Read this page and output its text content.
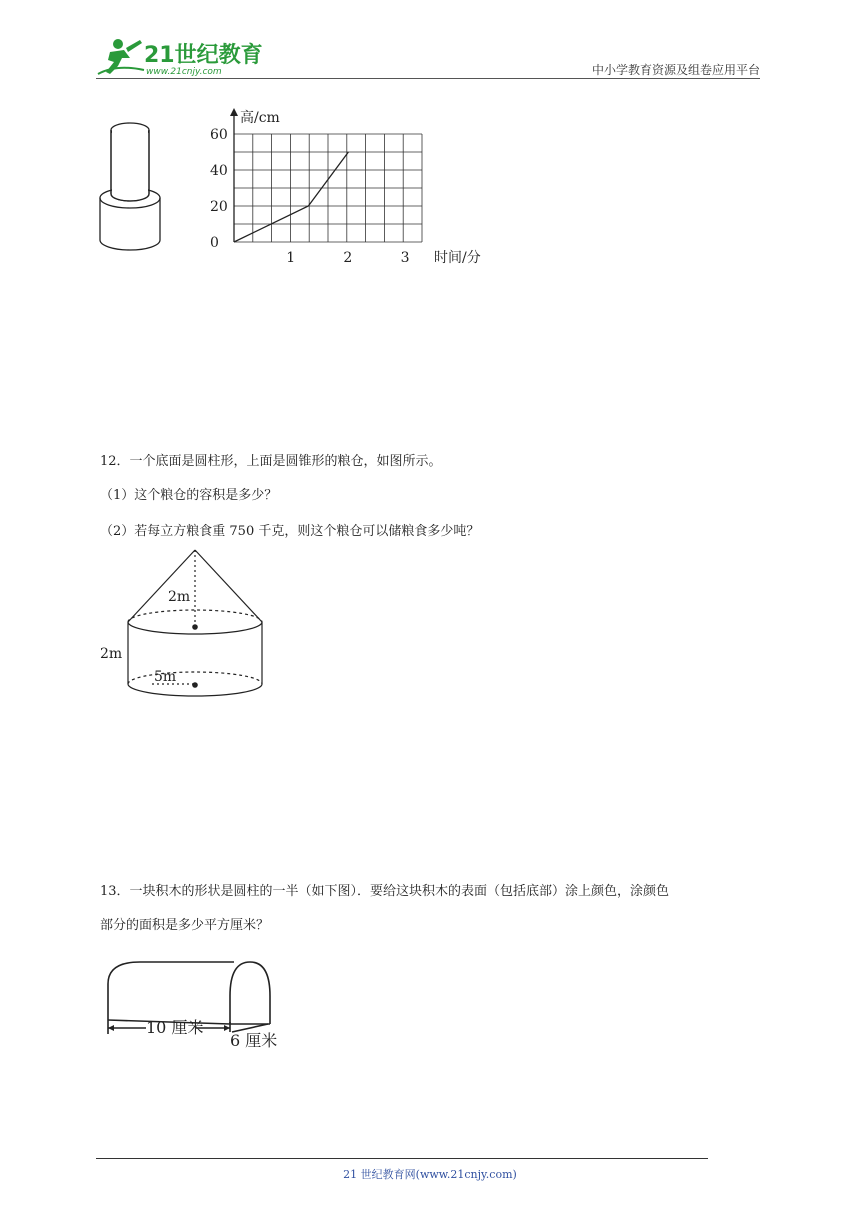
21世纪教育
www.21cnjy.com	中小学教育资源及组卷应用平台
高/cm
时间/分
0
20
40
60
1	2	3
12．一个底面是圆柱形，上面是圆锥形的粮仓，如图所示。
（1）这个粮仓的容积是多少？
（2）若每立方粮食重 750 千克，则这个粮仓可以储粮食多少吨？
2m
2m
5m
13．一块积木的形状是圆柱的一半（如下图）．要给这块积木的表面（包括底部）涂上颜色，涂颜色
部分的面积是多少平方厘米？
10 厘米
6 厘米
21 世纪教育网(www.21cnjy.com)
